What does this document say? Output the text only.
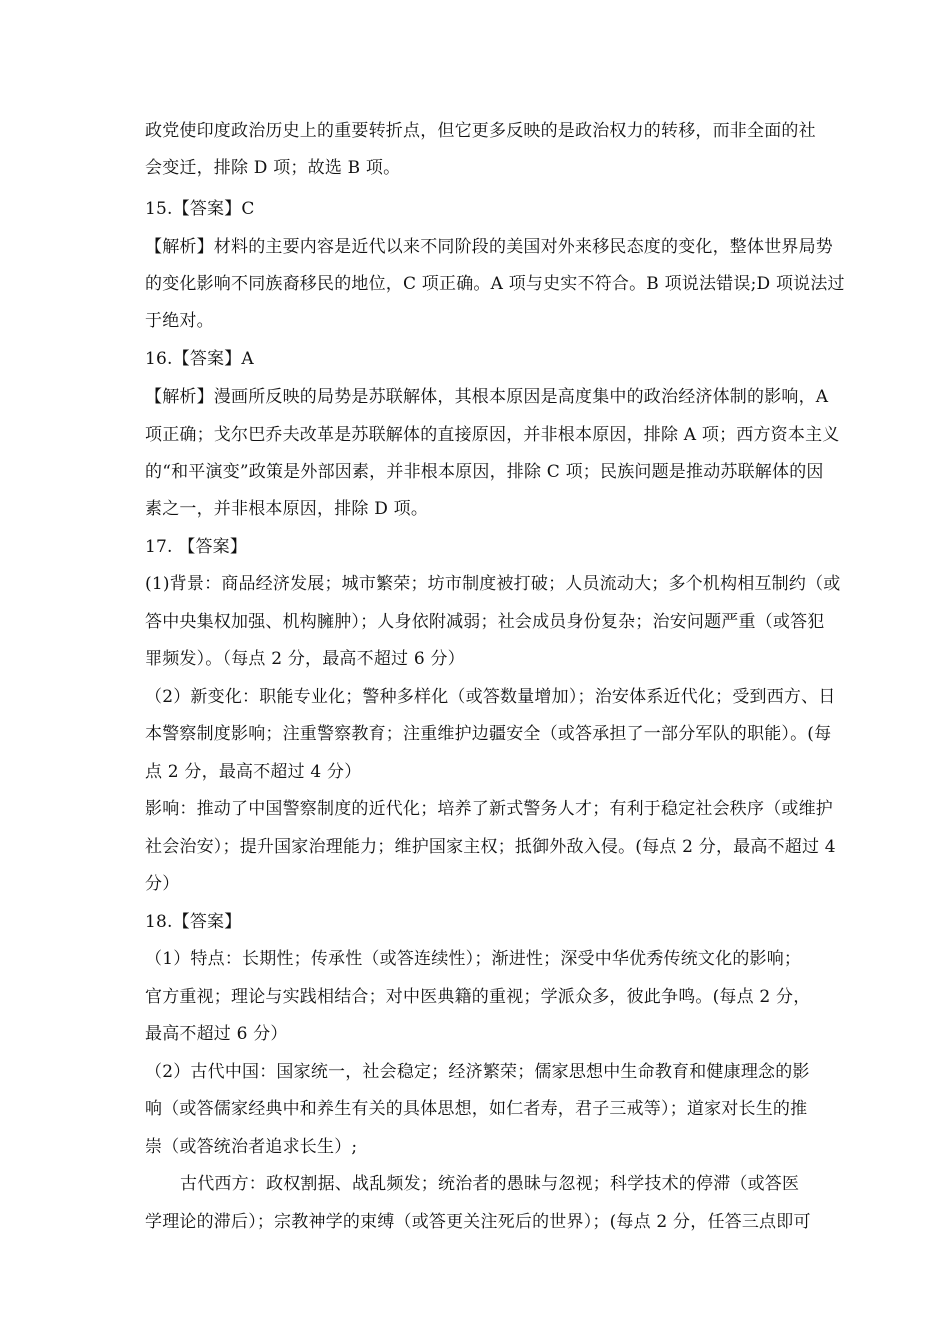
政党使印度政治历史上的重要转折点，但它更多反映的是政治权力的转移，而非全面的社
会变迁，排除 D 项；故选 B 项。
15.【答案】C
【解析】材料的主要内容是近代以来不同阶段的美国对外来移民态度的变化，整体世界局势
的变化影响不同族裔移民的地位，C 项正确。A 项与史实不符合。B 项说法错误;D 项说法过
于绝对。
16.【答案】A
【解析】漫画所反映的局势是苏联解体，其根本原因是高度集中的政治经济体制的影响，A
项正确；戈尔巴乔夫改革是苏联解体的直接原因，并非根本原因，排除 A 项；西方资本主义
的“和平演变”政策是外部因素，并非根本原因，排除 C 项；民族问题是推动苏联解体的因
素之一，并非根本原因，排除 D 项。
17. 【答案】
(1)背景：商品经济发展；城市繁荣；坊市制度被打破；人员流动大；多个机构相互制约（或
答中央集权加强、机构臃肿）；人身依附减弱；社会成员身份复杂；治安问题严重（或答犯
罪频发）。（每点 2 分，最高不超过 6 分）
（2）新变化：职能专业化；警种多样化（或答数量增加）；治安体系近代化；受到西方、日
本警察制度影响；注重警察教育；注重维护边疆安全（或答承担了一部分军队的职能）。(每
点 2 分，最高不超过 4 分）
影响：推动了中国警察制度的近代化；培养了新式警务人才；有利于稳定社会秩序（或维护
社会治安）；提升国家治理能力；维护国家主权；抵御外敌入侵。(每点 2 分，最高不超过 4
分）
18.【答案】
（1）特点：长期性；传承性（或答连续性）；渐进性；深受中华优秀传统文化的影响；
官方重视；理论与实践相结合；对中医典籍的重视；学派众多，彼此争鸣。(每点 2 分，
最高不超过 6 分）
（2）古代中国：国家统一，社会稳定；经济繁荣；儒家思想中生命教育和健康理念的影
响（或答儒家经典中和养生有关的具体思想，如仁者寿，君子三戒等）；道家对长生的推
崇（或答统治者追求长生）;
古代西方：政权割据、战乱频发；统治者的愚昧与忽视；科学技术的停滞（或答医
学理论的滞后）；宗教神学的束缚（或答更关注死后的世界）；(每点 2 分，任答三点即可
